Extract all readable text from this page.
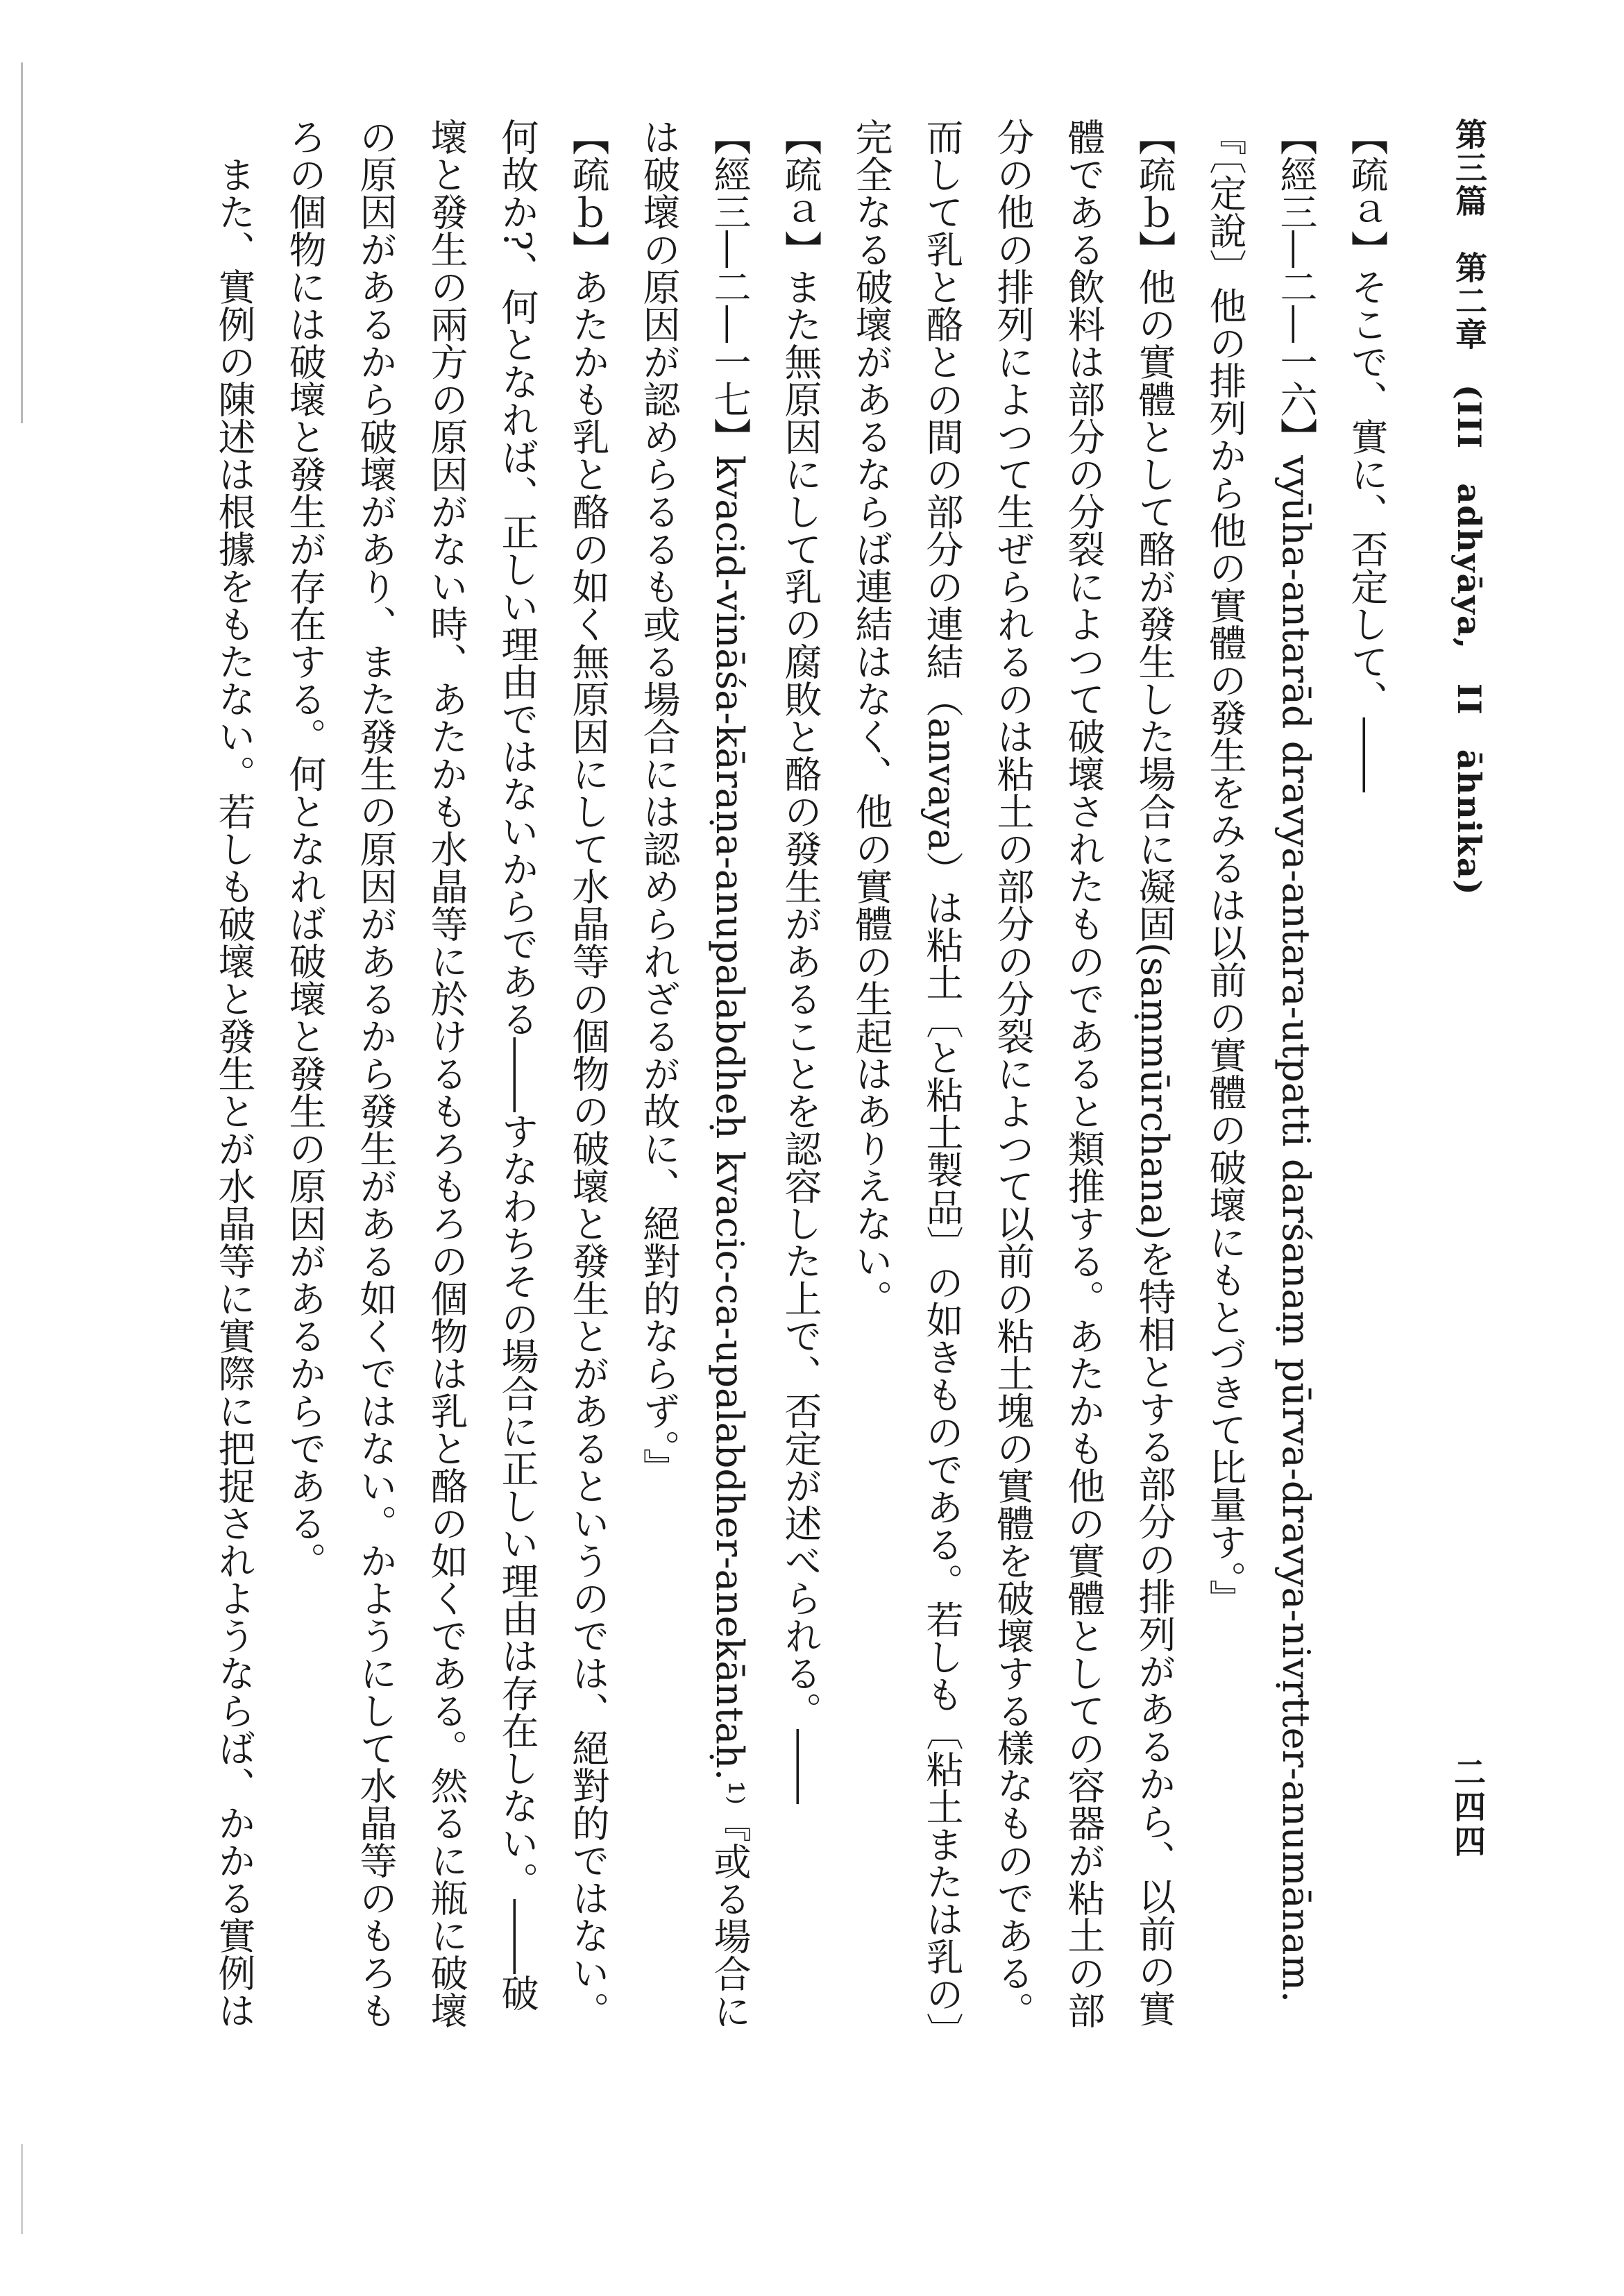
第三篇　第二章　(III　adhyāya,　II　āhnika)
二四四
【疏ａ】そこで、實に、否定して、――
【經三―二―一六】vyūha-antarād dravya-antara-utpatti darśanaṃ pūrva-dravya-nivṛtter-anumānam.
『〔定說〕他の排列から他の實體の發生をみるは以前の實體の破壞にもとづきて比量す。』
【疏ｂ】他の實體として酪が發生した場合に凝固(saṃmūrchana)を特相とする部分の排列があるから、以前の實
體である飲料は部分の分裂によつて破壞されたものであると類推する。あたかも他の實體としての容器が粘土の部
分の他の排列によつて生ぜられるのは粘土の部分の分裂によつて以前の粘土塊の實體を破壞する樣なものである。
而して乳と酪との間の部分の連結（anvaya）は粘土〔と粘土製品〕の如きものである。若しも〔粘土または乳の〕
完全なる破壞があるならば連結はなく、他の實體の生起はありえない。
【疏ａ】また無原因にして乳の腐敗と酪の發生があることを認容した上で、否定が述べられる。――
【經三―二―一七】kvacid-vināśa-kāraṇa-anupalabdheḥ kvacic-ca-upalabdher-anekāntaḥ.¹⁾『或る場合に
は破壞の原因が認めらるるも或る場合には認められざるが故に、絕對的ならず。』
【疏ｂ】あたかも乳と酪の如く無原因にして水晶等の個物の破壞と發生とがあるというのでは、絕對的ではない。
何故か?、何となれば、正しい理由ではないからである――すなわちその場合に正しい理由は存在しない。――破
壞と發生の兩方の原因がない時、あたかも水晶等に於けるもろもろの個物は乳と酪の如くである。然るに瓶に破壞
の原因があるから破壞があり、また發生の原因があるから發生がある如くではない。かようにして水晶等のもろも
ろの個物には破壞と發生が存在する。何となれば破壞と發生の原因があるからである。
また、實例の陳述は根據をもたない。若しも破壞と發生とが水晶等に實際に把捉されようならば、かかる實例は
